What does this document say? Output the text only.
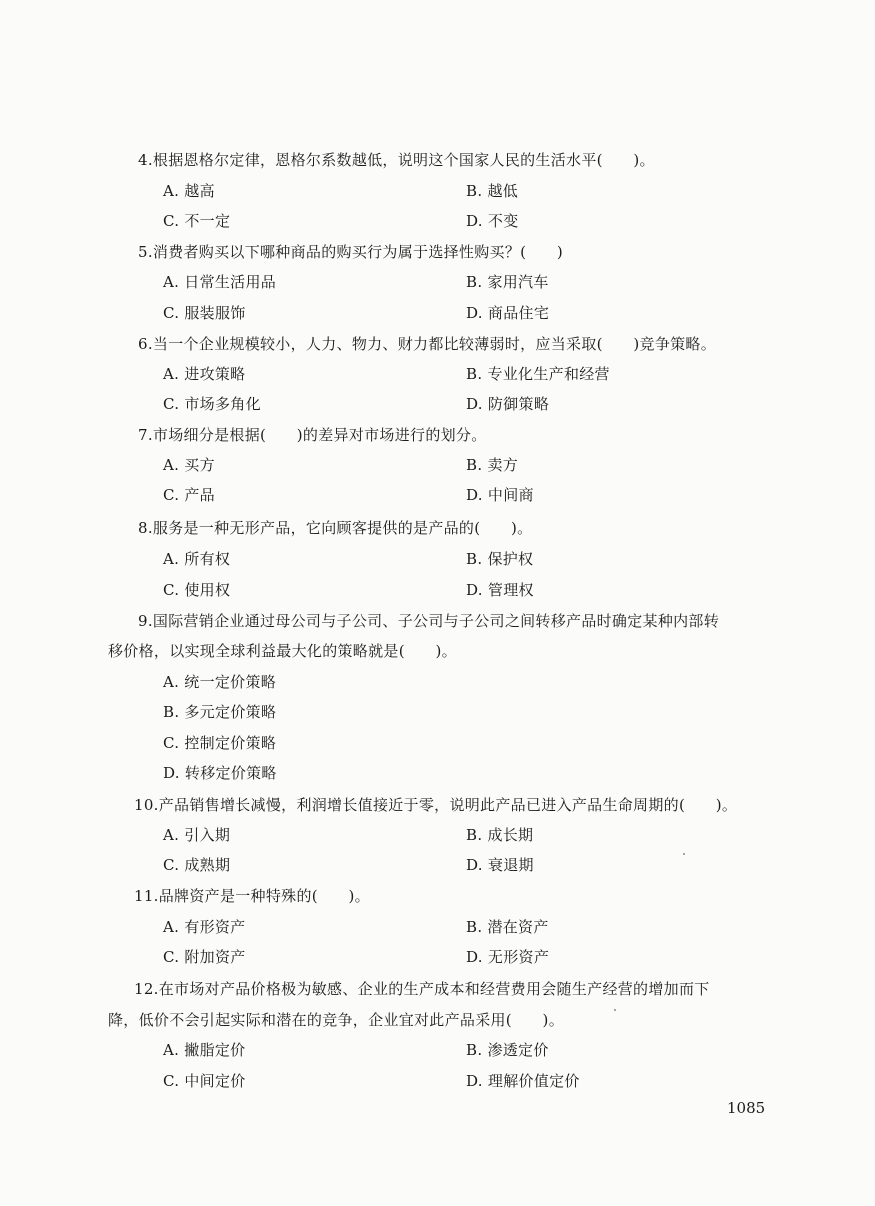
4.根据恩格尔定律，恩格尔系数越低，说明这个国家人民的生活水平(　　)。
A. 越高	B. 越低
C. 不一定	D. 不变
5.消费者购买以下哪种商品的购买行为属于选择性购买？(　　)
A. 日常生活用品	B. 家用汽车
C. 服装服饰	D. 商品住宅
6.当一个企业规模较小，人力、物力、财力都比较薄弱时，应当采取(　　)竞争策略。
A. 进攻策略	B. 专业化生产和经营
C. 市场多角化	D. 防御策略
7.市场细分是根据(　　)的差异对市场进行的划分。
A. 买方	B. 卖方
C. 产品	D. 中间商
8.服务是一种无形产品，它向顾客提供的是产品的(　　)。
A. 所有权	B. 保护权
C. 使用权	D. 管理权
9.国际营销企业通过母公司与子公司、子公司与子公司之间转移产品时确定某种内部转
移价格，以实现全球利益最大化的策略就是(　　)。
A. 统一定价策略
B. 多元定价策略
C. 控制定价策略
D. 转移定价策略
10.产品销售增长减慢，利润增长值接近于零，说明此产品已进入产品生命周期的(　　)。
A. 引入期	B. 成长期
C. 成熟期	D. 衰退期
11.品牌资产是一种特殊的(　　)。
A. 有形资产	B. 潜在资产
C. 附加资产	D. 无形资产
12.在市场对产品价格极为敏感、企业的生产成本和经营费用会随生产经营的增加而下
降，低价不会引起实际和潜在的竞争，企业宜对此产品采用(　　)。
A. 撇脂定价	B. 渗透定价
C. 中间定价	D. 理解价值定价
1085
